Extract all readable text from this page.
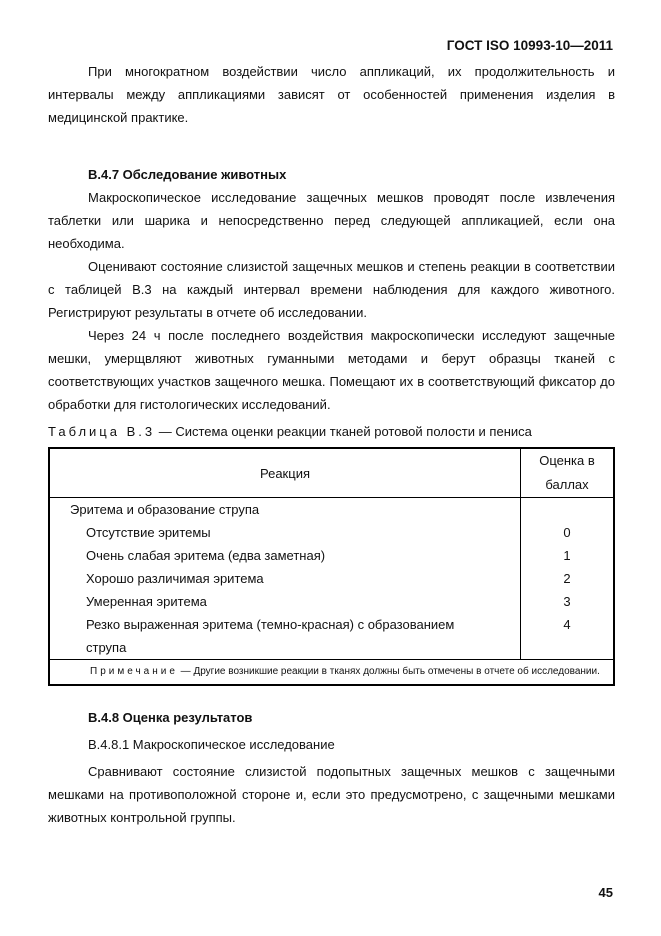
ГОСТ ISO 10993-10—2011

При многократном воздействии число аппликаций, их продолжительность и интервалы между аппликациями зависят от особенностей применения изделия в медицинской практике.

B.4.7 Обследование животных

Макроскопическое исследование защечных мешков проводят после извлечения таблетки или шарика и непосредственно перед следующей аппликацией, если она необходима.

Оценивают состояние слизистой защечных мешков и степень реакции в соответствии с таблицей В.3 на каждый интервал времени наблюдения для каждого животного. Регистрируют результаты в отчете об исследовании.

Через 24 ч после последнего воздействия макроскопически исследуют защечные мешки, умерщвляют животных гуманными методами и берут образцы тканей с соответствующих участков защечного мешка. Помещают их в соответствующий фиксатор до обработки для гистологических исследований.

Таблица В.3 — Система оценки реакции тканей ротовой полости и пениса

Реакция	Оценка в баллах
Эритема и образование струпа	
Отсутствие эритемы	0
Очень слабая эритема (едва заметная)	1
Хорошо различимая эритема	2
Умеренная эритема	3
Резко выраженная эритема (темно-красная) с образованием струпа	4
Примечание — Другие возникшие реакции в тканях должны быть отмечены в отчете об исследовании.	

B.4.8 Оценка результатов

В.4.8.1 Макроскопическое исследование

Сравнивают состояние слизистой подопытных защечных мешков с защечными мешками на противоположной стороне и, если это предусмотрено, с защечными мешками животных контрольной группы.

45
